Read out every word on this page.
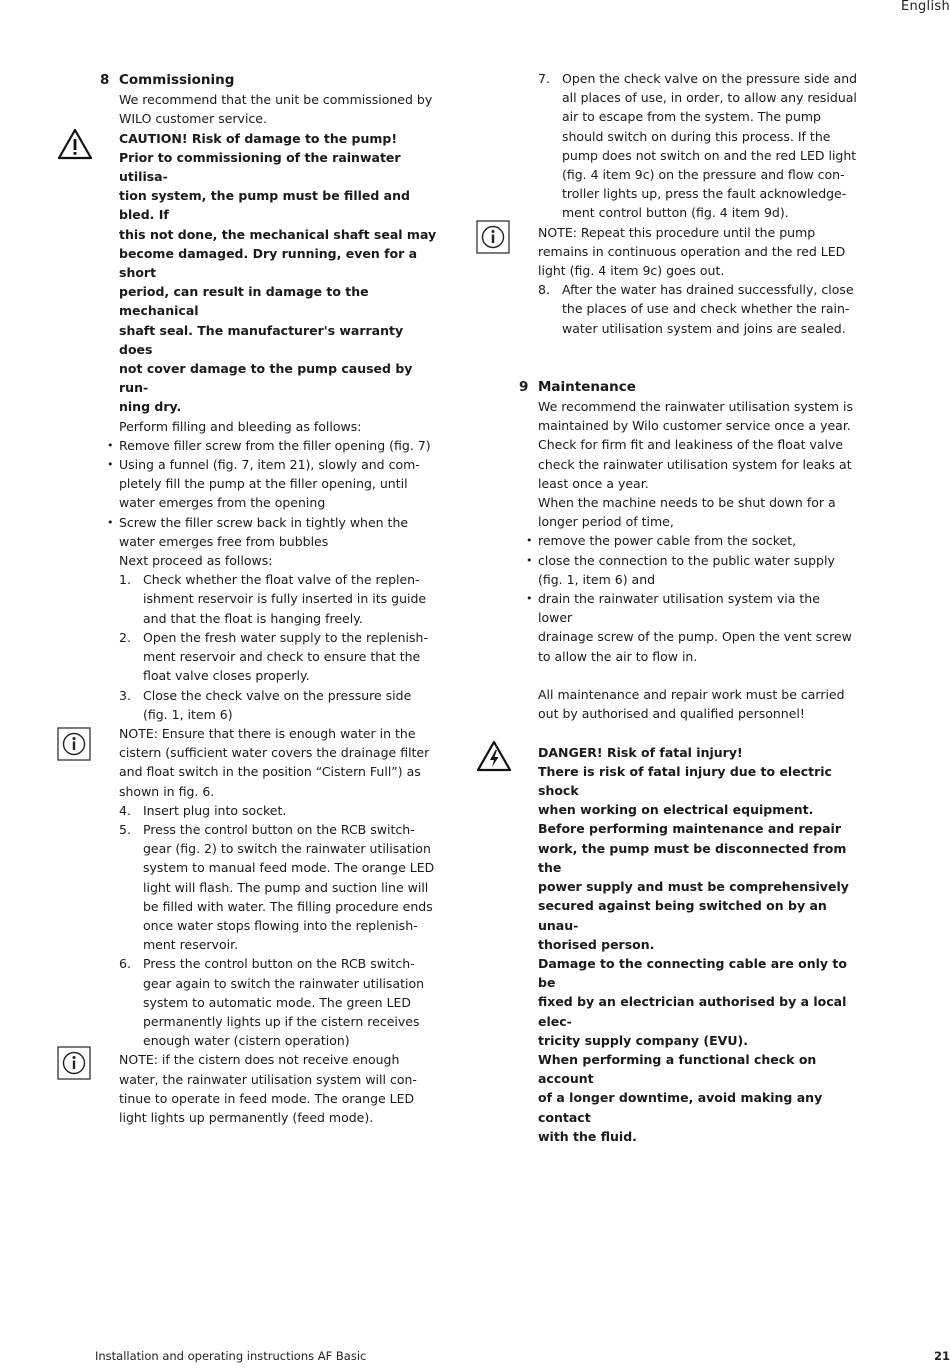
English
8 Commissioning
We recommend that the unit be commissioned by
WILO customer service.
CAUTION! Risk of damage to the pump!
Prior to commissioning of the rainwater utilisa-
tion system, the pump must be filled and bled. If
this not done, the mechanical shaft seal may
become damaged. Dry running, even for a short
period, can result in damage to the mechanical
shaft seal. The manufacturer's warranty does
not cover damage to the pump caused by run-
ning dry.
Perform filling and bleeding as follows:
• Remove filler screw from the filler opening (fig. 7)
• Using a funnel (fig. 7, item 21), slowly and com-
pletely fill the pump at the filler opening, until
water emerges from the opening
• Screw the filler screw back in tightly when the
water emerges free from bubbles
Next proceed as follows:
1. Check whether the float valve of the replen-
ishment reservoir is fully inserted in its guide
and that the float is hanging freely.
2. Open the fresh water supply to the replenish-
ment reservoir and check to ensure that the
float valve closes properly.
3. Close the check valve on the pressure side
(fig. 1, item 6)
NOTE: Ensure that there is enough water in the
cistern (sufficient water covers the drainage filter
and float switch in the position “Cistern Full”) as
shown in fig. 6.
4. Insert plug into socket.
5. Press the control button on the RCB switch-
gear (fig. 2) to switch the rainwater utilisation
system to manual feed mode. The orange LED
light will flash. The pump and suction line will
be filled with water. The filling procedure ends
once water stops flowing into the replenish-
ment reservoir.
6. Press the control button on the RCB switch-
gear again to switch the rainwater utilisation
system to automatic mode. The green LED
permanently lights up if the cistern receives
enough water (cistern operation)
NOTE: if the cistern does not receive enough
water, the rainwater utilisation system will con-
tinue to operate in feed mode. The orange LED
light lights up permanently (feed mode).
7. Open the check valve on the pressure side and
all places of use, in order, to allow any residual
air to escape from the system. The pump
should switch on during this process. If the
pump does not switch on and the red LED light
(fig. 4 item 9c) on the pressure and flow con-
troller lights up, press the fault acknowledge-
ment control button (fig. 4 item 9d).
NOTE: Repeat this procedure until the pump
remains in continuous operation and the red LED
light (fig. 4 item 9c) goes out.
8. After the water has drained successfully, close
the places of use and check whether the rain-
water utilisation system and joins are sealed.
9 Maintenance
We recommend the rainwater utilisation system is
maintained by Wilo customer service once a year.
Check for firm fit and leakiness of the float valve
check the rainwater utilisation system for leaks at
least once a year.
When the machine needs to be shut down for a
longer period of time,
• remove the power cable from the socket,
• close the connection to the public water supply
(fig. 1, item 6) and
• drain the rainwater utilisation system via the lower
drainage screw of the pump. Open the vent screw
to allow the air to flow in.
All maintenance and repair work must be carried
out by authorised and qualified personnel!
DANGER! Risk of fatal injury!
There is risk of fatal injury due to electric shock
when working on electrical equipment.
Before performing maintenance and repair
work, the pump must be disconnected from the
power supply and must be comprehensively
secured against being switched on by an unau-
thorised person.
Damage to the connecting cable are only to be
fixed by an electrician authorised by a local elec-
tricity supply company (EVU).
When performing a functional check on account
of a longer downtime, avoid making any contact
with the fluid.
Installation and operating instructions AF Basic	21
